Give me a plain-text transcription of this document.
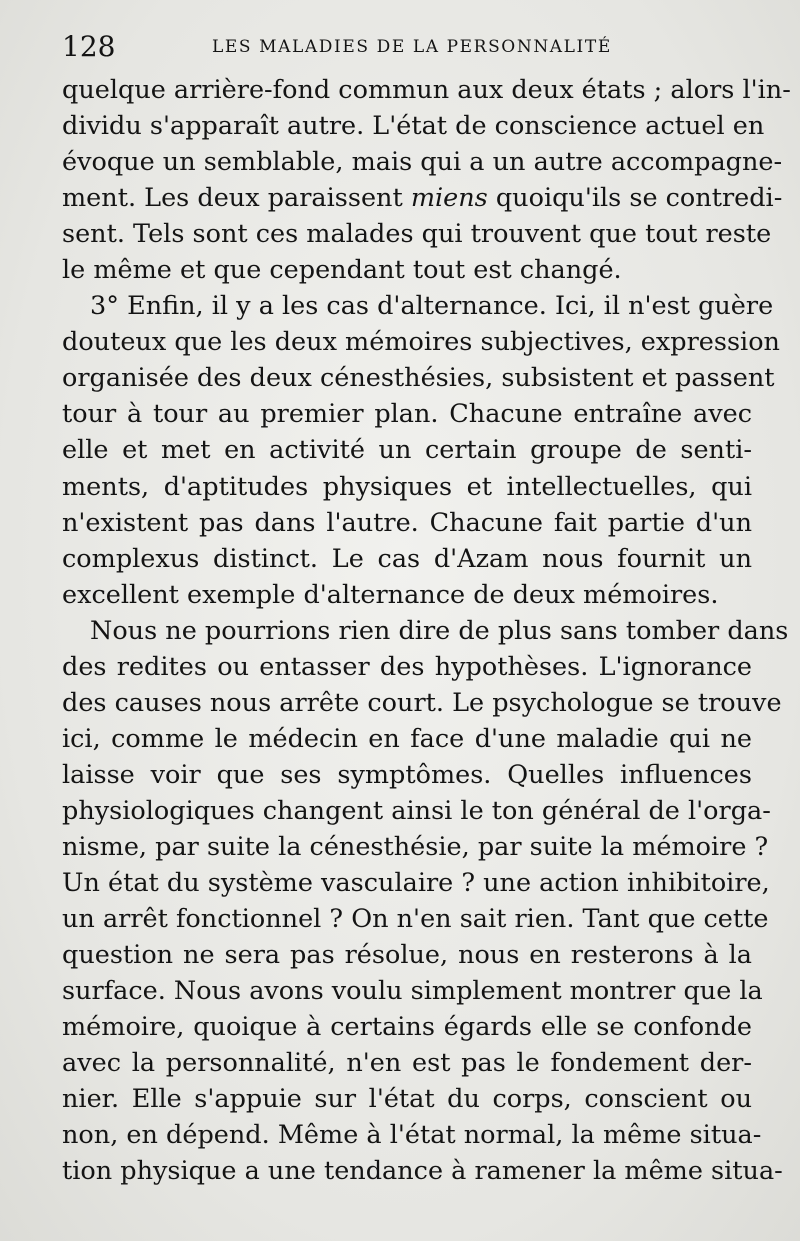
128	LES MALADIES DE LA PERSONNALITÉ
quelque arrière-fond commun aux deux états ; alors l'in-
dividu s'apparaît autre. L'état de conscience actuel en
évoque un semblable, mais qui a un autre accompagne-
ment. Les deux paraissent miens quoiqu'ils se contredi-
sent. Tels sont ces malades qui trouvent que tout reste
le même et que cependant tout est changé.
3° Enfin, il y a les cas d'alternance. Ici, il n'est guère
douteux que les deux mémoires subjectives, expression
organisée des deux cénesthésies, subsistent et passent
tour à tour au premier plan. Chacune entraîne avec
elle et met en activité un certain groupe de senti-
ments, d'aptitudes physiques et intellectuelles, qui
n'existent pas dans l'autre. Chacune fait partie d'un
complexus distinct. Le cas d'Azam nous fournit un
excellent exemple d'alternance de deux mémoires.
Nous ne pourrions rien dire de plus sans tomber dans
des redites ou entasser des hypothèses. L'ignorance
des causes nous arrête court. Le psychologue se trouve
ici, comme le médecin en face d'une maladie qui ne
laisse voir que ses symptômes. Quelles influences
physiologiques changent ainsi le ton général de l'orga-
nisme, par suite la cénesthésie, par suite la mémoire ?
Un état du système vasculaire ? une action inhibitoire,
un arrêt fonctionnel ? On n'en sait rien. Tant que cette
question ne sera pas résolue, nous en resterons à la
surface. Nous avons voulu simplement montrer que la
mémoire, quoique à certains égards elle se confonde
avec la personnalité, n'en est pas le fondement der-
nier. Elle s'appuie sur l'état du corps, conscient ou
non, en dépend. Même à l'état normal, la même situa-
tion physique a une tendance à ramener la même situa-
